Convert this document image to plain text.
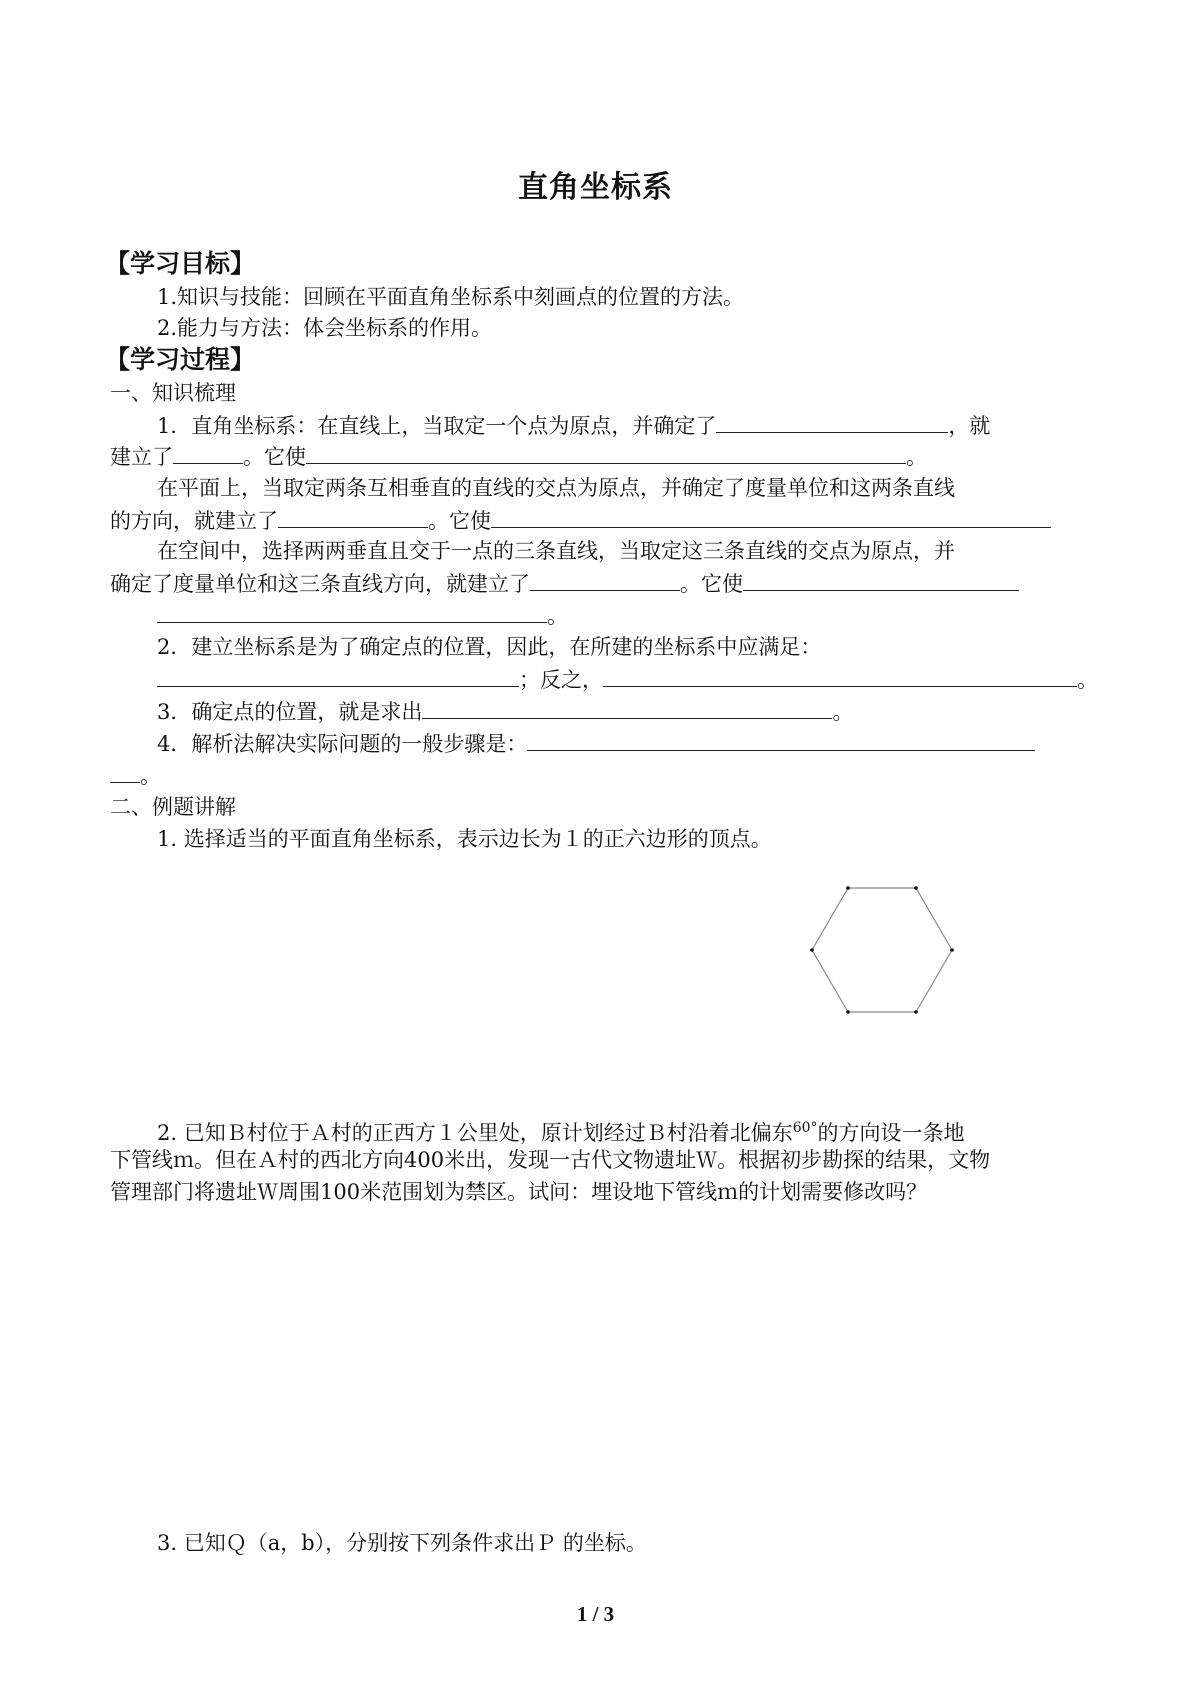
直角坐标系
【学习目标】
1.知识与技能：回顾在平面直角坐标系中刻画点的位置的方法。
2.能力与方法：体会坐标系的作用。
【学习过程】
一、知识梳理
1．直角坐标系：在直线上，当取定一个点为原点，并确定了	，就
建立了	。它使	。
在平面上，当取定两条互相垂直的直线的交点为原点，并确定了度量单位和这两条直线
的方向，就建立了	。它使
在空间中，选择两两垂直且交于一点的三条直线，当取定这三条直线的交点为原点，并
确定了度量单位和这三条直线方向，就建立了	。它使
。
2．建立坐标系是为了确定点的位置，因此，在所建的坐标系中应满足：
；反之，	。
3．确定点的位置，就是求出	。
4．解析法解决实际问题的一般步骤是：
。
二、例题讲解
1. 选择适当的平面直角坐标系，表示边长为１的正六边形的顶点。
2. 已知Ｂ村位于Ａ村的正西方１公里处，原计划经过Ｂ村沿着北偏东$^{60^\circ}$的方向设一条地
下管线ｍ。但在Ａ村的西北方向400米出，发现一古代文物遗址Ｗ。根据初步勘探的结果，文物
管理部门将遗址Ｗ周围100米范围划为禁区。试问：埋设地下管线ｍ的计划需要修改吗？
3. 已知Ｑ（a，b），分别按下列条件求出Ｐ 的坐标。
1 / 3
